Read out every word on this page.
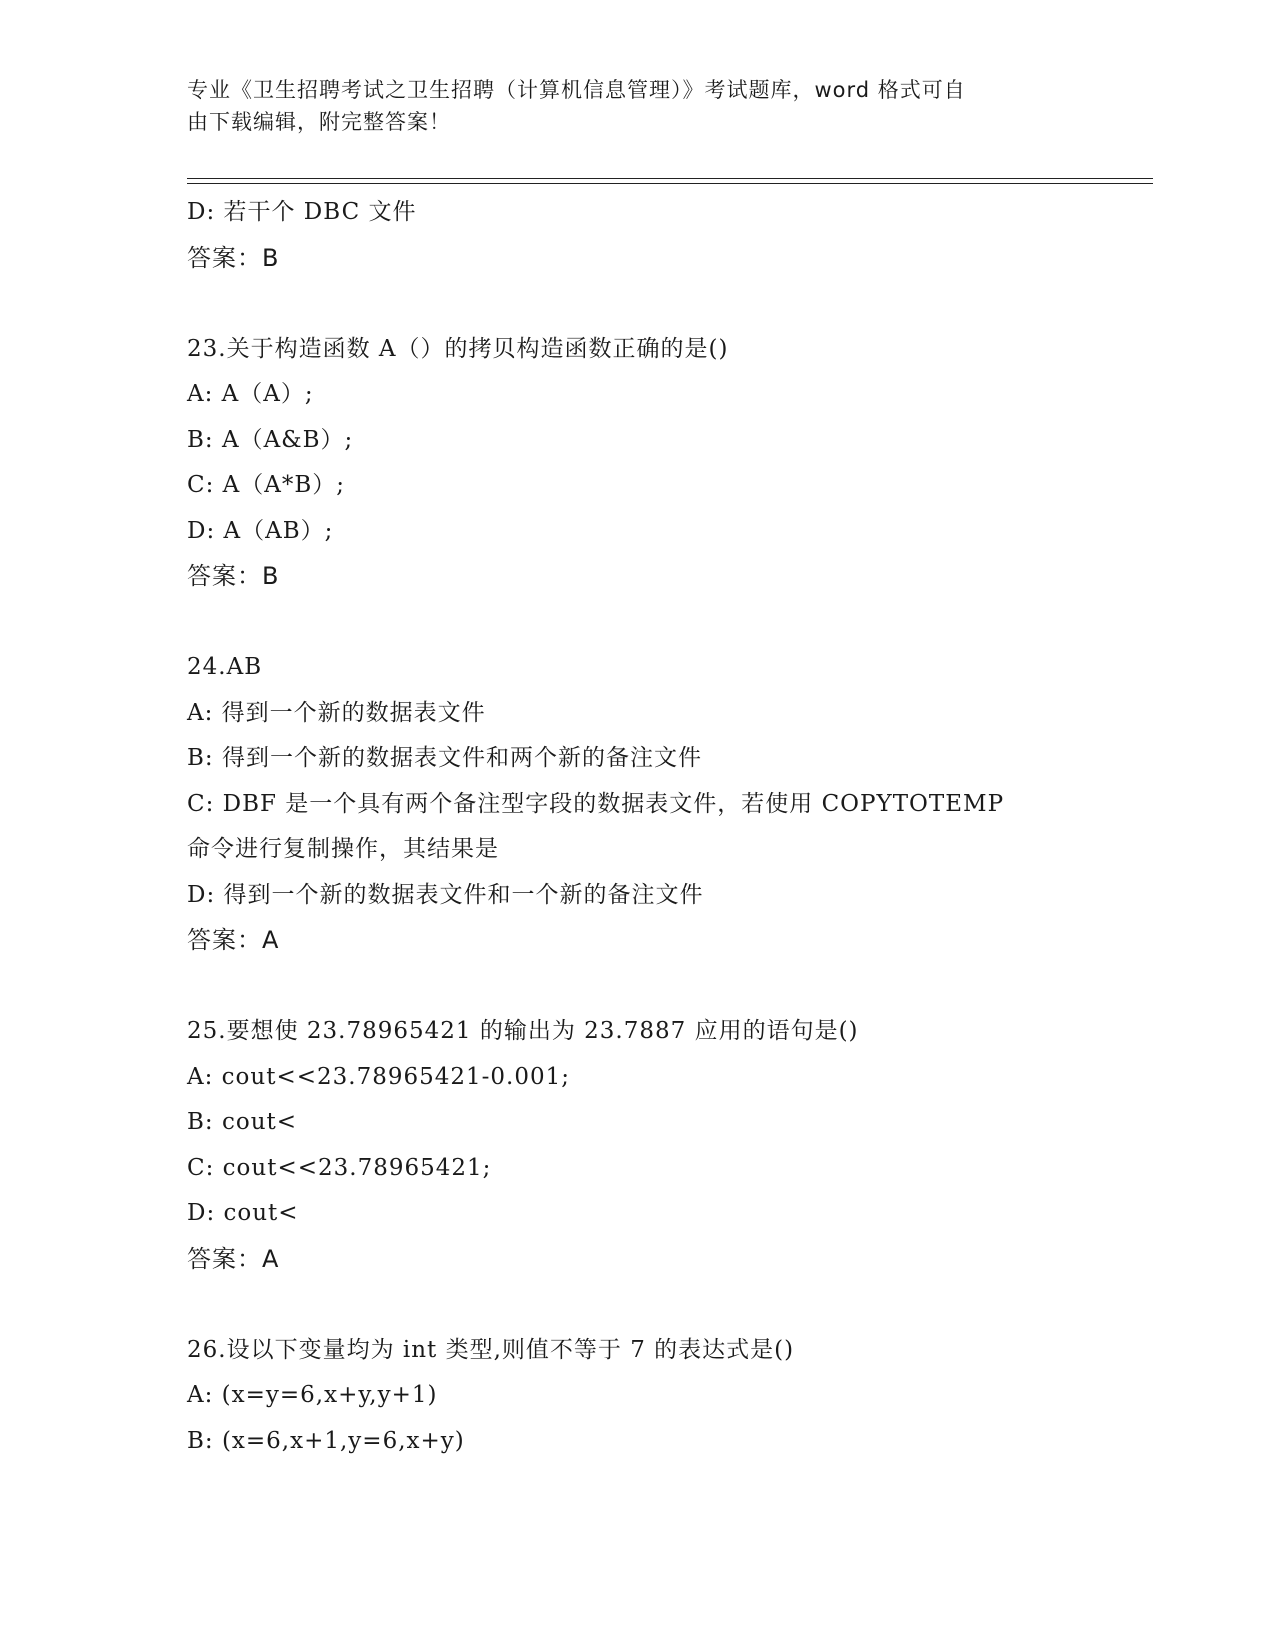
专业《卫生招聘考试之卫生招聘（计算机信息管理）》考试题库，word 格式可自
由下载编辑，附完整答案！
D: 若干个 DBC 文件
答案：B
23.关于构造函数 A（）的拷贝构造函数正确的是()
A: A（A）;
B: A（A&B）;
C: A（A*B）;
D: A（AB）;
答案：B
24.AB
A: 得到一个新的数据表文件
B: 得到一个新的数据表文件和两个新的备注文件
C: DBF 是一个具有两个备注型字段的数据表文件，若使用 COPYTOTEMP
命令进行复制操作，其结果是
D: 得到一个新的数据表文件和一个新的备注文件
答案：A
25.要想使 23.78965421 的输出为 23.7887 应用的语句是()
A: cout<<23.78965421-0.001;
B: cout<
C: cout<<23.78965421;
D: cout<
答案：A
26.设以下变量均为 int 类型,则值不等于 7 的表达式是()
A: (x=y=6,x+y,y+1)
B: (x=6,x+1,y=6,x+y)
